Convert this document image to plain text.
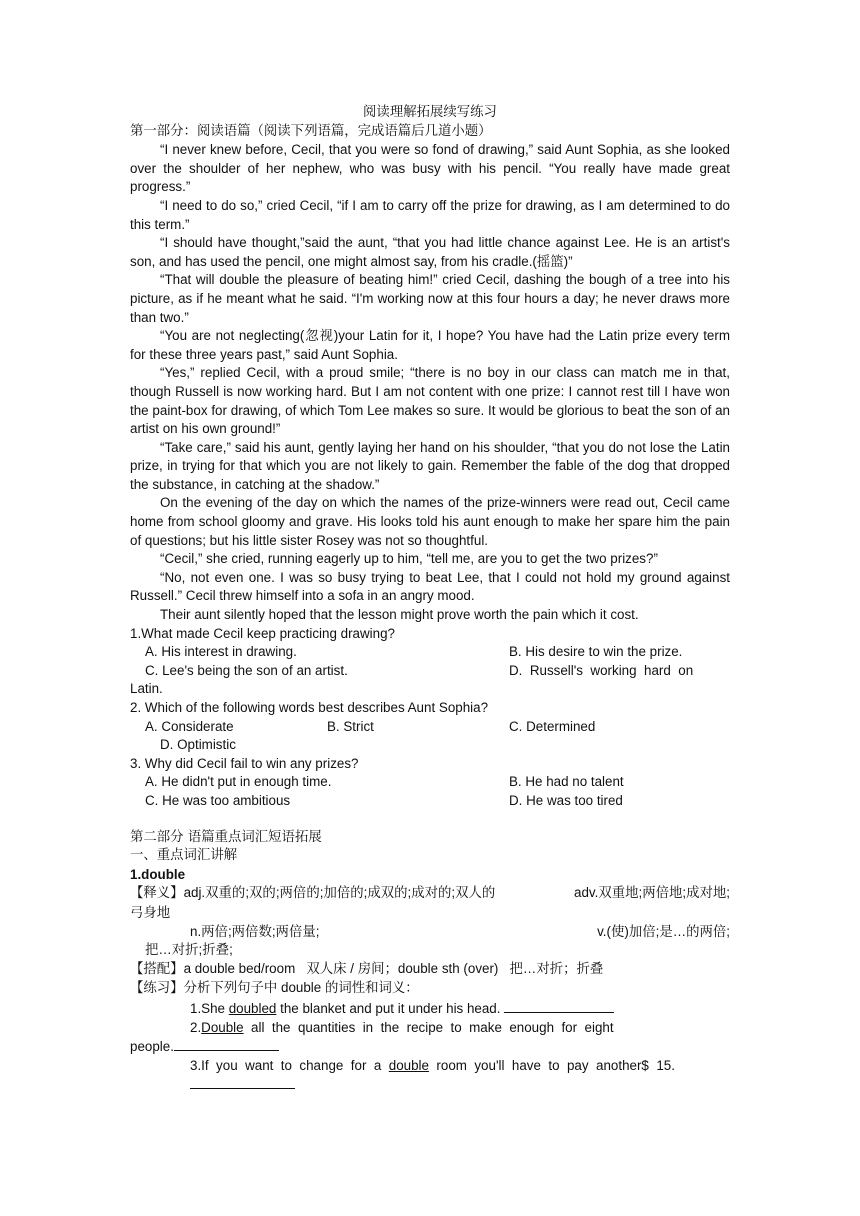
阅读理解拓展续写练习
第一部分：阅读语篇（阅读下列语篇，完成语篇后几道小题）

“I never knew before, Cecil, that you were so fond of drawing,” said Aunt Sophia, as she looked over the shoulder of her nephew, who was busy with his pencil. “You really have made great progress.”

“I need to do so,” cried Cecil, “if I am to carry off the prize for drawing, as I am determined to do this term.”

“I should have thought,”said the aunt, “that you had little chance against Lee. He is an artist's son, and has used the pencil, one might almost say, from his cradle.(摇篮)”

“That will double the pleasure of beating him!” cried Cecil, dashing the bough of a tree into his picture, as if he meant what he said. “I'm working now at this four hours a day; he never draws more than two.”

“You are not neglecting(忽视)your Latin for it, I hope? You have had the Latin prize every term for these three years past,” said Aunt Sophia.

“Yes,” replied Cecil, with a proud smile; “there is no boy in our class can match me in that, though Russell is now working hard. But I am not content with one prize: I cannot rest till I have won the paint-box for drawing, of which Tom Lee makes so sure. It would be glorious to beat the son of an artist on his own ground!”

“Take care,” said his aunt, gently laying her hand on his shoulder, “that you do not lose the Latin prize, in trying for that which you are not likely to gain. Remember the fable of the dog that dropped the substance, in catching at the shadow.”

On the evening of the day on which the names of the prize-winners were read out, Cecil came home from school gloomy and grave. His looks told his aunt enough to make her spare him the pain of questions; but his little sister Rosey was not so thoughtful.

“Cecil,” she cried, running eagerly up to him, “tell me, are you to get the two prizes?”

“No, not even one. I was so busy trying to beat Lee, that I could not hold my ground against Russell.” Cecil threw himself into a sofa in an angry mood.

Their aunt silently hoped that the lesson might prove worth the pain which it cost.

1.What made Cecil keep practicing drawing?
A. His interest in drawing.	B. His desire to win the prize.
C. Lee's being the son of an artist.	D.  Russell's  working  hard  on
Latin.
2. Which of the following words best describes Aunt Sophia?
A. Considerate	B. Strict	C. Determined
D. Optimistic
3. Why did Cecil fail to win any prizes?
A. He didn't put in enough time.	B. He had no talent
C. He was too ambitious	D. He was too tired
第二部分 语篇重点词汇短语拓展
一、重点词汇讲解
1.double
【释义】adj.双重的;双的;两倍的;加倍的;成双的;成对的;双人的	adv.双重地;两倍地;成对地;
弓身地
n.两倍;两倍数;两倍量;	v.(使)加倍;是…的两倍;
把…对折;折叠;
【搭配】a double bed/room   双人床 / 房间；double sth (over)   把…对折；折叠
【练习】分析下列句子中 double 的词性和词义：
1.She doubled the blanket and put it under his head.
2.Double  all  the  quantities  in  the  recipe  to  make  enough  for  eight
people.
3.If  you  want  to  change  for  a  double  room  you'll  have  to  pay  another$  15.
